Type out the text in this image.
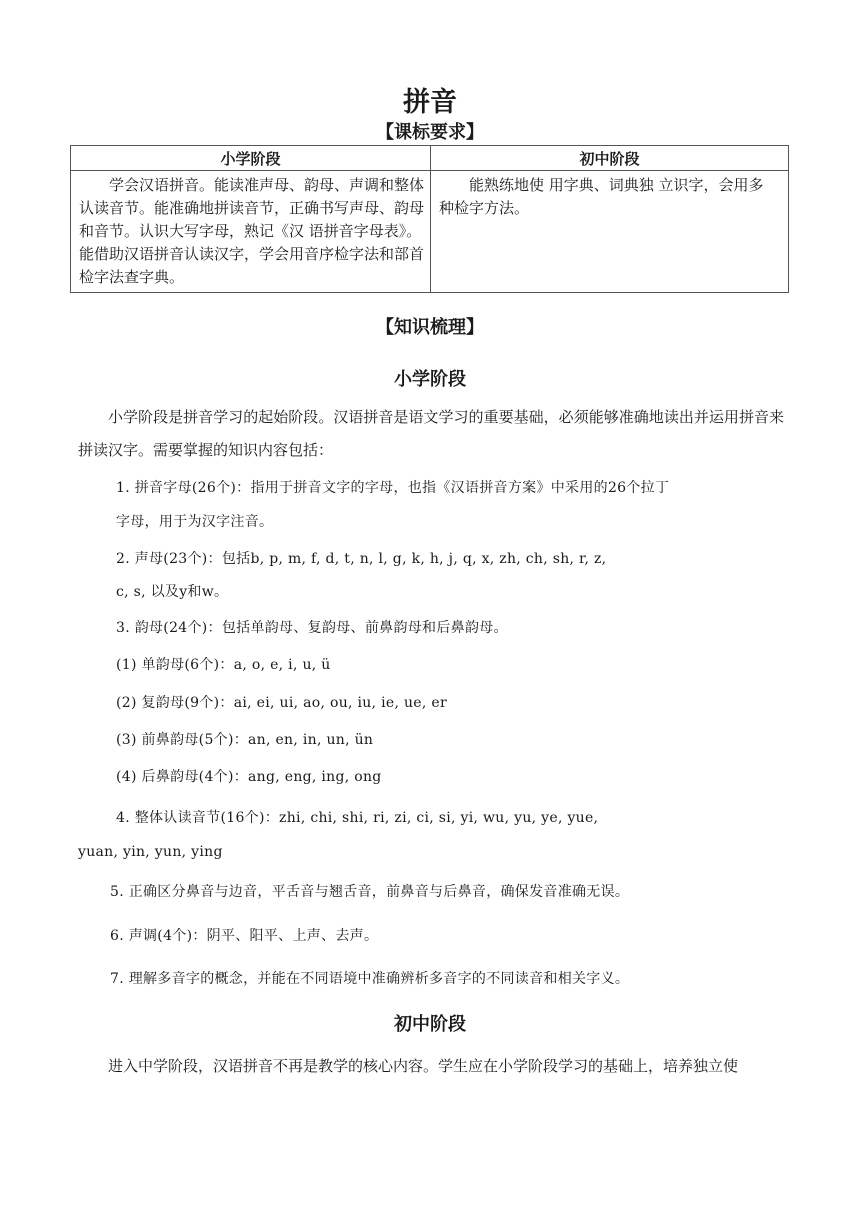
拼音
【课标要求】
小学阶段	初中阶段
学会汉语拼音。能读准声母、韵母、声调和整体认读音节。能准确地拼读音节，正确书写声母、韵母和音节。认识大写字母，熟记《汉 语拼音字母表》。能借助汉语拼音认读汉字，学会用音序检字法和部首 检字法查字典。	能熟练地使 用字典、词典独 立识字，会用多 种检字方法。
【知识梳理】
小学阶段
小学阶段是拼音学习的起始阶段。汉语拼音是语文学习的重要基础，必须能够准确地读出并运用拼音来拼读汉字。需要掌握的知识内容包括：
1. 拼音字母(26个)：指用于拼音文字的字母，也指《汉语拼音方案》中采用的26个拉丁
字母，用于为汉字注音。
2. 声母(23个)：包括b, p, m, f, d, t, n, l, g, k, h, j, q, x, zh, ch, sh, r, z,
c, s, 以及y和w。
3. 韵母(24个)：包括单韵母、复韵母、前鼻韵母和后鼻韵母。
(1) 单韵母(6个)：a, o, e, i, u, ü
(2) 复韵母(9个)：ai, ei, ui, ao, ou, iu, ie, ue, er
(3) 前鼻韵母(5个)：an, en, in, un, ün
(4) 后鼻韵母(4个)：ang, eng, ing, ong
4. 整体认读音节(16个)：zhi, chi, shi, ri, zi, ci, si, yi, wu, yu, ye, yue,
yuan, yin, yun, ying
5. 正确区分鼻音与边音，平舌音与翘舌音，前鼻音与后鼻音，确保发音准确无误。
6. 声调(4个)：阴平、阳平、上声、去声。
7. 理解多音字的概念，并能在不同语境中准确辨析多音字的不同读音和相关字义。
初中阶段
进入中学阶段，汉语拼音不再是教学的核心内容。学生应在小学阶段学习的基础上，培养独立使
